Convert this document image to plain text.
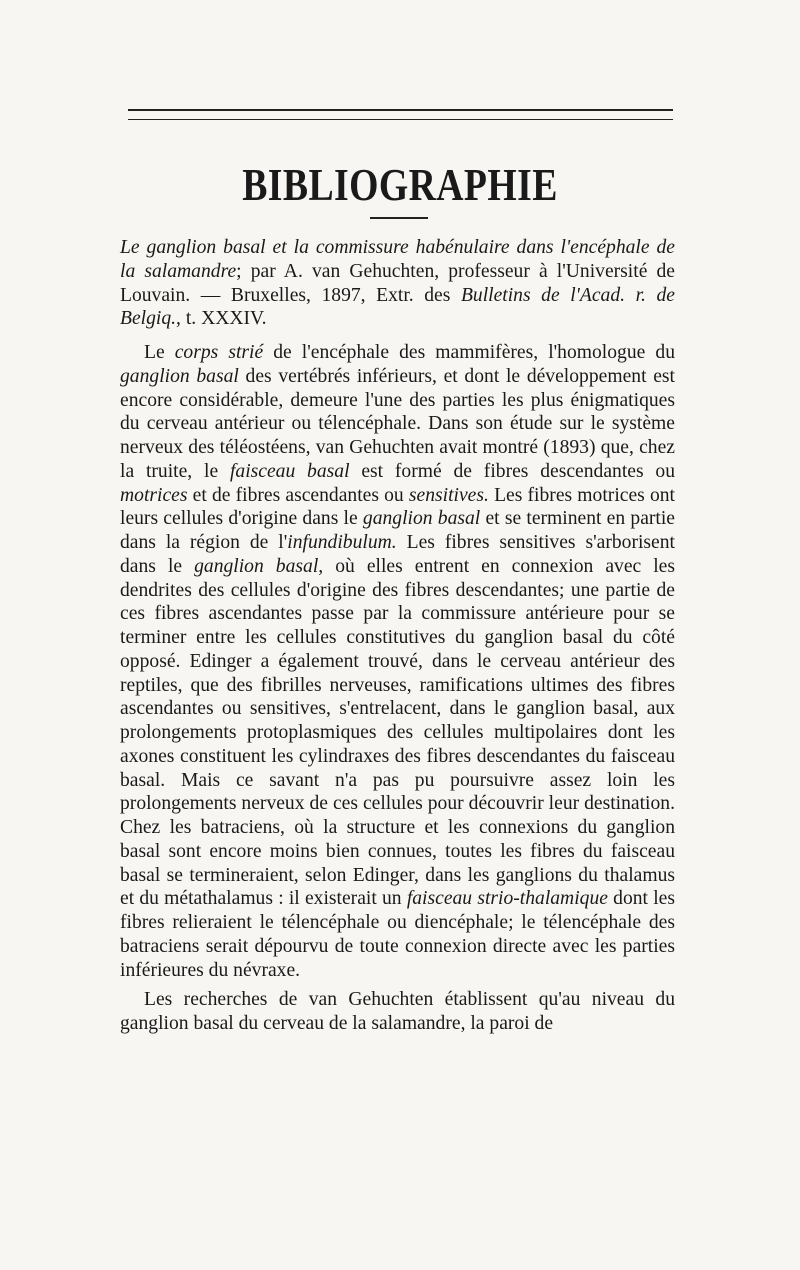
BIBLIOGRAPHIE

Le ganglion basal et la commissure habénulaire dans l'encéphale de la salamandre; par A. van Gehuchten, professeur à l'Université de Louvain. — Bruxelles, 1897, Extr. des Bulletins de l'Acad. r. de Belgiq., t. XXXIV.

Le corps strié de l'encéphale des mammifères, l'homologue du ganglion basal des vertébrés inférieurs, et dont le développement est encore considérable, demeure l'une des parties les plus énigmatiques du cerveau antérieur ou télencéphale. Dans son étude sur le système nerveux des téléostéens, van Gehuchten avait montré (1893) que, chez la truite, le faisceau basal est formé de fibres descendantes ou motrices et de fibres ascendantes ou sensitives. Les fibres motrices ont leurs cellules d'origine dans le ganglion basal et se terminent en partie dans la région de l'infundibulum. Les fibres sensitives s'arborisent dans le ganglion basal, où elles entrent en connexion avec les dendrites des cellules d'origine des fibres descendantes; une partie de ces fibres ascendantes passe par la commissure antérieure pour se terminer entre les cellules constitutives du ganglion basal du côté opposé. Edinger a également trouvé, dans le cerveau antérieur des reptiles, que des fibrilles nerveuses, ramifications ultimes des fibres ascendantes ou sensitives, s'entrelacent, dans le ganglion basal, aux prolongements protoplasmiques des cellules multipolaires dont les axones constituent les cylindraxes des fibres descendantes du faisceau basal. Mais ce savant n'a pas pu poursuivre assez loin les prolongements nerveux de ces cellules pour découvrir leur destination. Chez les batraciens, où la structure et les connexions du ganglion basal sont encore moins bien connues, toutes les fibres du faisceau basal se termineraient, selon Edinger, dans les ganglions du thalamus et du métathalamus : il existerait un faisceau strio-thalamique dont les fibres relieraient le télencéphale ou diencéphale; le télencéphale des batraciens serait dépourvu de toute connexion directe avec les parties inférieures du névraxe.

Les recherches de van Gehuchten établissent qu'au niveau du ganglion basal du cerveau de la salamandre, la paroi de
